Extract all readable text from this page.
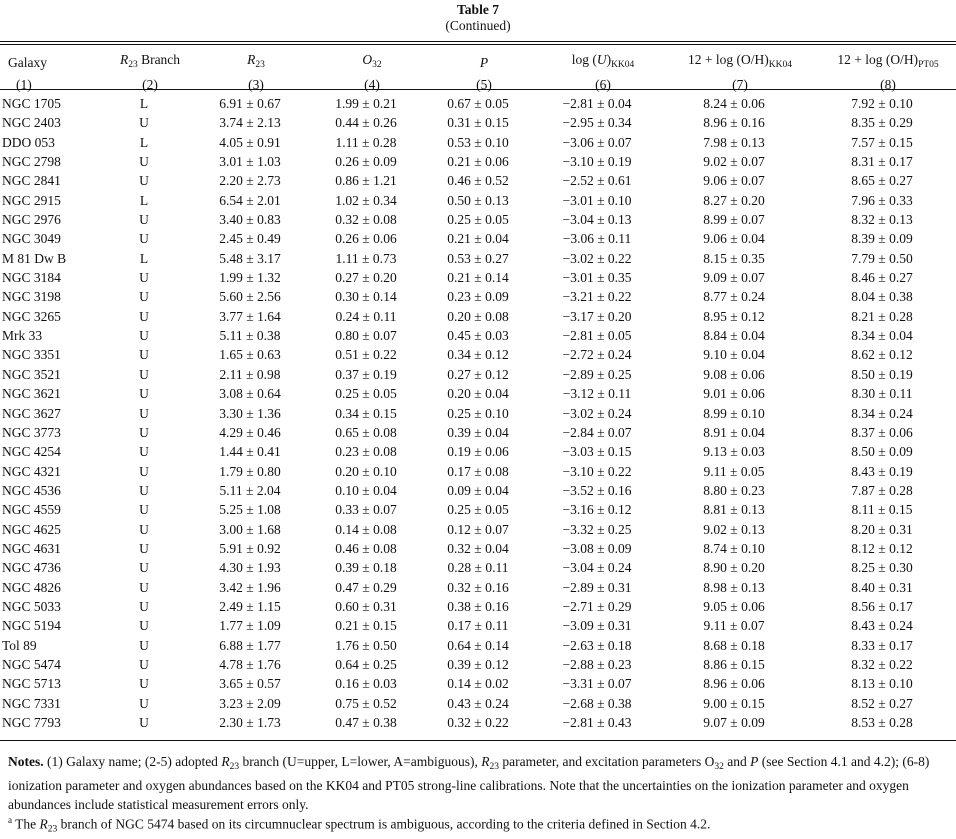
Table 7
(Continued)
Galaxy	$R_{23}$ Branch	$R_{23}$	$O_{32}$	P	$\log (U)_{KK04}$	$12 + \log (O/H)_{KK04}$	$12 + \log (O/H)_{PT05}$
(1)	(2)	(3)	(4)	(5)	(6)	(7)	(8)
NGC 1705	L	6.91 ± 0.67	1.99 ± 0.21	0.67 ± 0.05	−2.81 ± 0.04	8.24 ± 0.06	7.92 ± 0.10
NGC 2403	U	3.74 ± 2.13	0.44 ± 0.26	0.31 ± 0.15	−2.95 ± 0.34	8.96 ± 0.16	8.35 ± 0.29
DDO 053	L	4.05 ± 0.91	1.11 ± 0.28	0.53 ± 0.10	−3.06 ± 0.07	7.98 ± 0.13	7.57 ± 0.15
NGC 2798	U	3.01 ± 1.03	0.26 ± 0.09	0.21 ± 0.06	−3.10 ± 0.19	9.02 ± 0.07	8.31 ± 0.17
NGC 2841	U	2.20 ± 2.73	0.86 ± 1.21	0.46 ± 0.52	−2.52 ± 0.61	9.06 ± 0.07	8.65 ± 0.27
NGC 2915	L	6.54 ± 2.01	1.02 ± 0.34	0.50 ± 0.13	−3.01 ± 0.10	8.27 ± 0.20	7.96 ± 0.33
NGC 2976	U	3.40 ± 0.83	0.32 ± 0.08	0.25 ± 0.05	−3.04 ± 0.13	8.99 ± 0.07	8.32 ± 0.13
NGC 3049	U	2.45 ± 0.49	0.26 ± 0.06	0.21 ± 0.04	−3.06 ± 0.11	9.06 ± 0.04	8.39 ± 0.09
M 81 Dw B	L	5.48 ± 3.17	1.11 ± 0.73	0.53 ± 0.27	−3.02 ± 0.22	8.15 ± 0.35	7.79 ± 0.50
NGC 3184	U	1.99 ± 1.32	0.27 ± 0.20	0.21 ± 0.14	−3.01 ± 0.35	9.09 ± 0.07	8.46 ± 0.27
NGC 3198	U	5.60 ± 2.56	0.30 ± 0.14	0.23 ± 0.09	−3.21 ± 0.22	8.77 ± 0.24	8.04 ± 0.38
NGC 3265	U	3.77 ± 1.64	0.24 ± 0.11	0.20 ± 0.08	−3.17 ± 0.20	8.95 ± 0.12	8.21 ± 0.28
Mrk 33	U	5.11 ± 0.38	0.80 ± 0.07	0.45 ± 0.03	−2.81 ± 0.05	8.84 ± 0.04	8.34 ± 0.04
NGC 3351	U	1.65 ± 0.63	0.51 ± 0.22	0.34 ± 0.12	−2.72 ± 0.24	9.10 ± 0.04	8.62 ± 0.12
NGC 3521	U	2.11 ± 0.98	0.37 ± 0.19	0.27 ± 0.12	−2.89 ± 0.25	9.08 ± 0.06	8.50 ± 0.19
NGC 3621	U	3.08 ± 0.64	0.25 ± 0.05	0.20 ± 0.04	−3.12 ± 0.11	9.01 ± 0.06	8.30 ± 0.11
NGC 3627	U	3.30 ± 1.36	0.34 ± 0.15	0.25 ± 0.10	−3.02 ± 0.24	8.99 ± 0.10	8.34 ± 0.24
NGC 3773	U	4.29 ± 0.46	0.65 ± 0.08	0.39 ± 0.04	−2.84 ± 0.07	8.91 ± 0.04	8.37 ± 0.06
NGC 4254	U	1.44 ± 0.41	0.23 ± 0.08	0.19 ± 0.06	−3.03 ± 0.15	9.13 ± 0.03	8.50 ± 0.09
NGC 4321	U	1.79 ± 0.80	0.20 ± 0.10	0.17 ± 0.08	−3.10 ± 0.22	9.11 ± 0.05	8.43 ± 0.19
NGC 4536	U	5.11 ± 2.04	0.10 ± 0.04	0.09 ± 0.04	−3.52 ± 0.16	8.80 ± 0.23	7.87 ± 0.28
NGC 4559	U	5.25 ± 1.08	0.33 ± 0.07	0.25 ± 0.05	−3.16 ± 0.12	8.81 ± 0.13	8.11 ± 0.15
NGC 4625	U	3.00 ± 1.68	0.14 ± 0.08	0.12 ± 0.07	−3.32 ± 0.25	9.02 ± 0.13	8.20 ± 0.31
NGC 4631	U	5.91 ± 0.92	0.46 ± 0.08	0.32 ± 0.04	−3.08 ± 0.09	8.74 ± 0.10	8.12 ± 0.12
NGC 4736	U	4.30 ± 1.93	0.39 ± 0.18	0.28 ± 0.11	−3.04 ± 0.24	8.90 ± 0.20	8.25 ± 0.30
NGC 4826	U	3.42 ± 1.96	0.47 ± 0.29	0.32 ± 0.16	−2.89 ± 0.31	8.98 ± 0.13	8.40 ± 0.31
NGC 5033	U	2.49 ± 1.15	0.60 ± 0.31	0.38 ± 0.16	−2.71 ± 0.29	9.05 ± 0.06	8.56 ± 0.17
NGC 5194	U	1.77 ± 1.09	0.21 ± 0.15	0.17 ± 0.11	−3.09 ± 0.31	9.11 ± 0.07	8.43 ± 0.24
Tol 89	U	6.88 ± 1.77	1.76 ± 0.50	0.64 ± 0.14	−2.63 ± 0.18	8.68 ± 0.18	8.33 ± 0.17
NGC 5474	U	4.78 ± 1.76	0.64 ± 0.25	0.39 ± 0.12	−2.88 ± 0.23	8.86 ± 0.15	8.32 ± 0.22
NGC 5713	U	3.65 ± 0.57	0.16 ± 0.03	0.14 ± 0.02	−3.31 ± 0.07	8.96 ± 0.06	8.13 ± 0.10
NGC 7331	U	3.23 ± 2.09	0.75 ± 0.52	0.43 ± 0.24	−2.68 ± 0.38	9.00 ± 0.15	8.52 ± 0.27
NGC 7793	U	2.30 ± 1.73	0.47 ± 0.38	0.32 ± 0.22	−2.81 ± 0.43	9.07 ± 0.09	8.53 ± 0.28
Notes. (1) Galaxy name; (2-5) adopted $R_{23}$ branch (U=upper, L=lower, A=ambiguous), $R_{23}$ parameter, and excitation parameters $O_{32}$ and P (see Section 4.1 and 4.2); (6-8) ionization parameter and oxygen abundances based on the KK04 and PT05 strong-line calibrations. Note that the uncertainties on the ionization parameter and oxygen abundances include statistical measurement errors only.
$^a$ The $R_{23}$ branch of NGC 5474 based on its circumnuclear spectrum is ambiguous, according to the criteria defined in Section 4.2.
